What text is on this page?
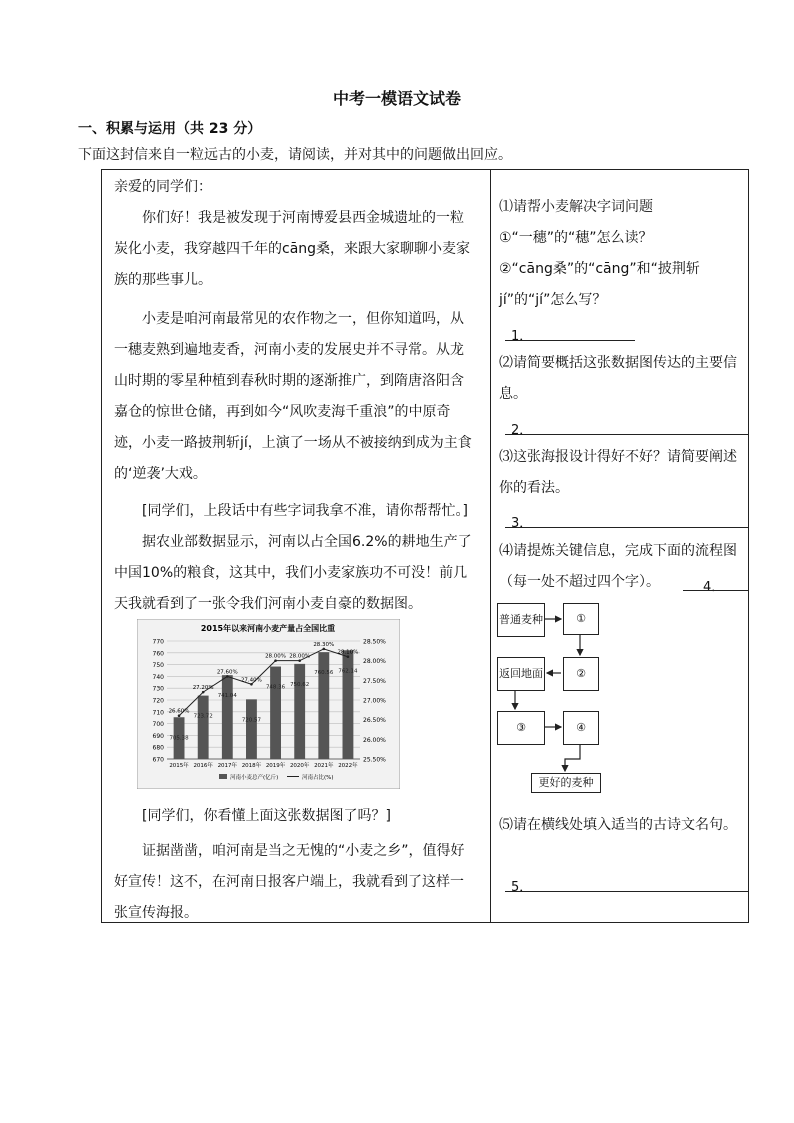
中考一模语文试卷
一、积累与运用（共 23 分）
下面这封信来自一粒远古的小麦，请阅读，并对其中的问题做出回应。

亲爱的同学们：

你们好！我是被发现于河南博爱县西金城遗址的一粒炭化小麦，我穿越四千年的cāng桑，来跟大家聊聊小麦家族的那些事儿。

小麦是咱河南最常见的农作物之一，但你知道吗，从一穗麦熟到遍地麦香，河南小麦的发展史并不寻常。从龙山时期的零星种植到春秋时期的逐渐推广，到隋唐洛阳含嘉仓的惊世仓储，再到如今“风吹麦海千重浪”的中原奇迹，小麦一路披荆斩jí，上演了一场从不被接纳到成为主食的‘逆袭’大戏。

[同学们，上段话中有些字词我拿不准，请你帮帮忙。]

据农业部数据显示，河南以占全国6.2%的耕地生产了中国10%的粮食，这其中，我们小麦家族功不可没！前几天我就看到了一张令我们河南小麦自豪的数据图。

2015年以来河南小麦产量占全国比重
770
760
750
740
730
720
710
700
690
680
670
28.50%
28.00%
27.50%
27.00%
26.50%
26.00%
25.50%
705.38
2015年
723.72
2016年
741.04
2017年
720.57
2018年
748.36
2019年
750.62
2020年
760.56
2021年
762.14
2022年
26.60%
27.20%
27.60%
27.40%
28.00% 28.00%
28.30%
28.10%
河南小麦总产(亿斤)	河南占比(%)

[同学们，你看懂上面这张数据图了吗？]

证据凿凿，咱河南是当之无愧的“小麦之乡”，值得好好宣传！这不，在河南日报客户端上，我就看到了这样一张宣传海报。

⑴请帮小麦解决字词问题

①“一穗”的“穗”怎么读？

②“cāng桑”的“cāng”和“披荆斩jí”的“jí”怎么写？

1．

⑵请简要概括这张数据图传达的主要信息。

2．

⑶这张海报设计得好不好？请简要阐述你的看法。

3．

⑷请提炼关键信息，完成下面的流程图（每一处不超过四个字）。	4．
普通麦种	①
②
返回地面
③	④
更好的麦种

⑸请在横线处填入适当的古诗文名句。

5．
